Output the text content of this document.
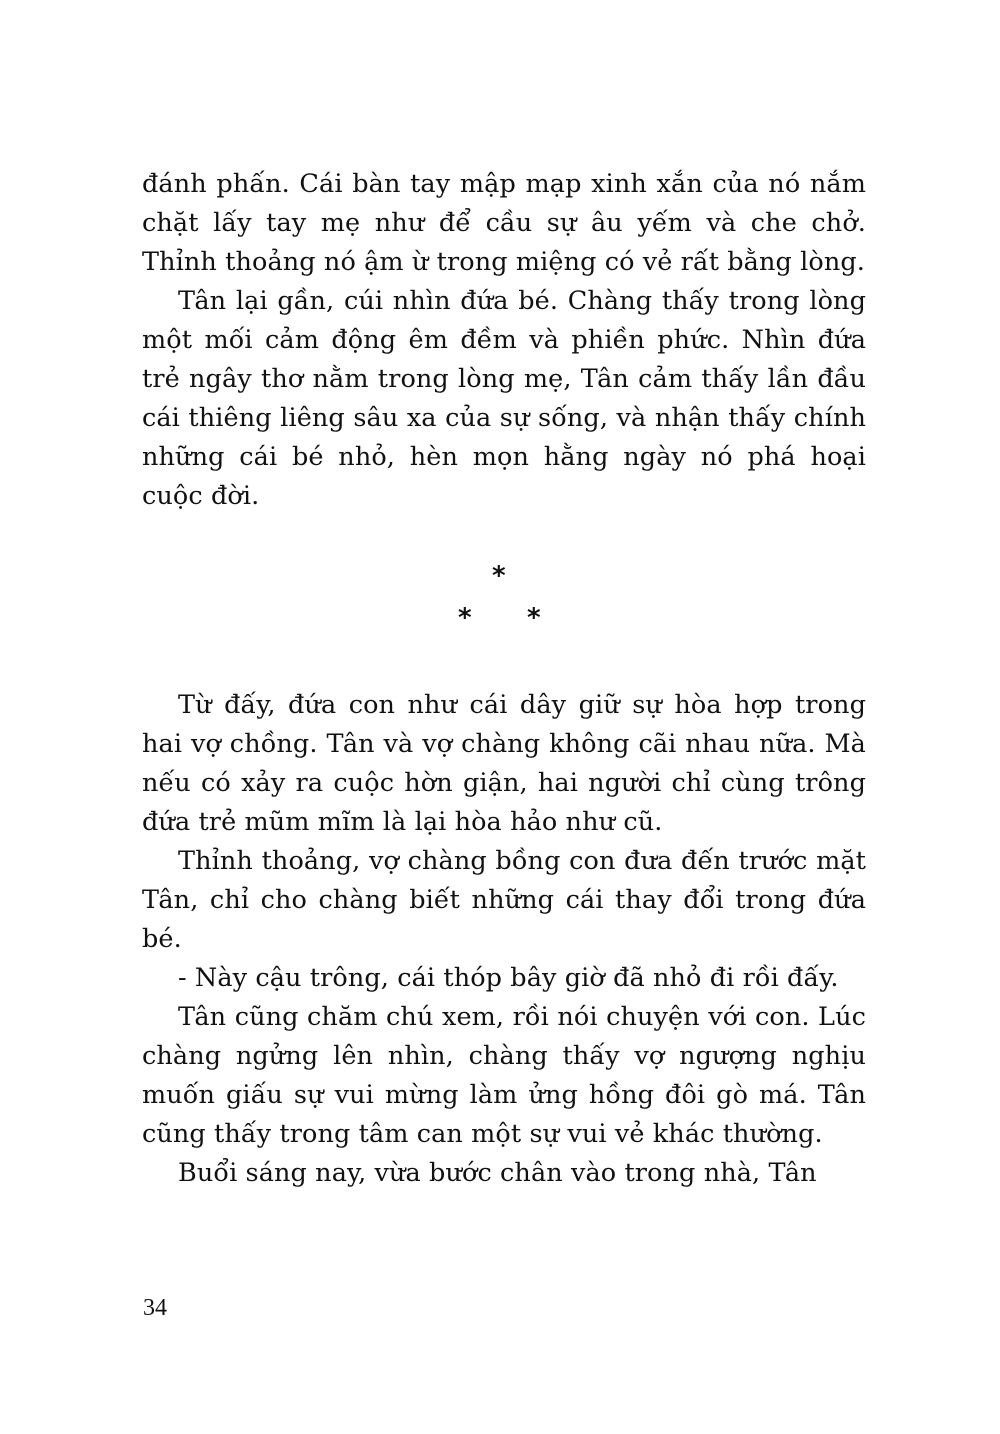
đánh phấn. Cái bàn tay mập mạp xinh xắn của nó nắm chặt lấy tay mẹ như để cầu sự âu yếm và che chở. Thỉnh thoảng nó ậm ừ trong miệng có vẻ rất bằng lòng.

Tân lại gần, cúi nhìn đứa bé. Chàng thấy trong lòng một mối cảm động êm đềm và phiền phức. Nhìn đứa trẻ ngây thơ nằm trong lòng mẹ, Tân cảm thấy lần đầu cái thiêng liêng sâu xa của sự sống, và nhận thấy chính những cái bé nhỏ, hèn mọn hằng ngày nó phá hoại cuộc đời.

*
* *

Từ đấy, đứa con như cái dây giữ sự hòa hợp trong hai vợ chồng. Tân và vợ chàng không cãi nhau nữa. Mà nếu có xảy ra cuộc hờn giận, hai người chỉ cùng trông đứa trẻ mũm mĩm là lại hòa hảo như cũ.

Thỉnh thoảng, vợ chàng bồng con đưa đến trước mặt Tân, chỉ cho chàng biết những cái thay đổi trong đứa bé.

- Này cậu trông, cái thóp bây giờ đã nhỏ đi rồi đấy.

Tân cũng chăm chú xem, rồi nói chuyện với con. Lúc chàng ngửng lên nhìn, chàng thấy vợ ngượng nghịu muốn giấu sự vui mừng làm ửng hồng đôi gò má. Tân cũng thấy trong tâm can một sự vui vẻ khác thường.

Buổi sáng nay, vừa bước chân vào trong nhà, Tân

34
